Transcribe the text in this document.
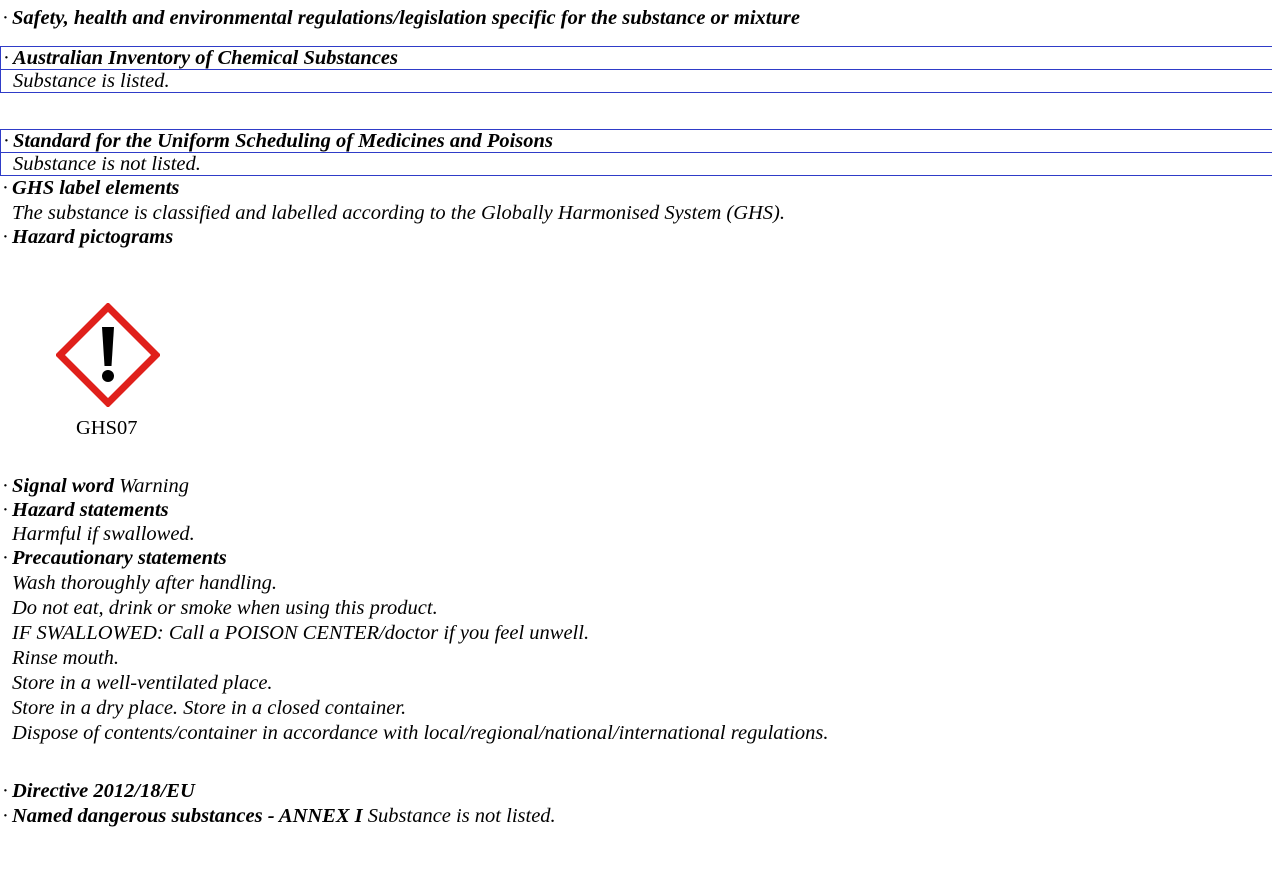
· Safety, health and environmental regulations/legislation specific for the substance or mixture
· Australian Inventory of Chemical Substances
Substance is listed.
· Standard for the Uniform Scheduling of Medicines and Poisons
Substance is not listed.
· GHS label elements
The substance is classified and labelled according to the Globally Harmonised System (GHS).
· Hazard pictograms
GHS07
· Signal word Warning
· Hazard statements
Harmful if swallowed.
· Precautionary statements
Wash thoroughly after handling.
Do not eat, drink or smoke when using this product.
IF SWALLOWED: Call a POISON CENTER/doctor if you feel unwell.
Rinse mouth.
Store in a well-ventilated place.
Store in a dry place. Store in a closed container.
Dispose of contents/container in accordance with local/regional/national/international regulations.
· Directive 2012/18/EU
· Named dangerous substances - ANNEX I Substance is not listed.
